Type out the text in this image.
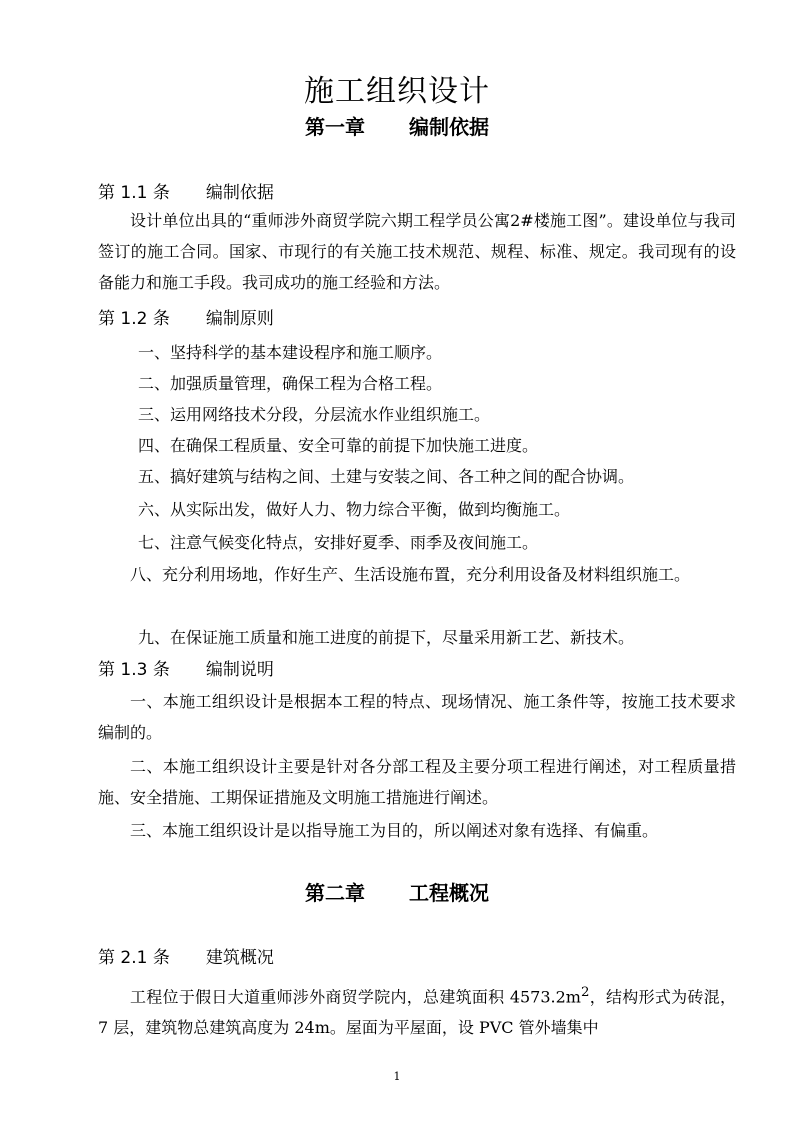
施工组织设计
第一章 编制依据
第 1.1 条 编制依据
设计单位出具的“重师涉外商贸学院六期工程学员公寓2#楼施工图”。建设单位与我司签订的施工合同。国家、市现行的有关施工技术规范、规程、标准、规定。我司现有的设备能力和施工手段。我司成功的施工经验和方法。
第 1.2 条 编制原则
一、坚持科学的基本建设程序和施工顺序。
二、加强质量管理，确保工程为合格工程。
三、运用网络技术分段，分层流水作业组织施工。
四、在确保工程质量、安全可靠的前提下加快施工进度。
五、搞好建筑与结构之间、土建与安装之间、各工种之间的配合协调。
六、从实际出发，做好人力、物力综合平衡，做到均衡施工。
七、注意气候变化特点，安排好夏季、雨季及夜间施工。
八、充分利用场地，作好生产、生活设施布置，充分利用设备及材料组织施工。
九、在保证施工质量和施工进度的前提下，尽量采用新工艺、新技术。
第 1.3 条 编制说明
一、本施工组织设计是根据本工程的特点、现场情况、施工条件等，按施工技术要求编制的。
二、本施工组织设计主要是针对各分部工程及主要分项工程进行阐述，对工程质量措施、安全措施、工期保证措施及文明施工措施进行阐述。
三、本施工组织设计是以指导施工为目的，所以阐述对象有选择、有偏重。
第二章 工程概况
第 2.1 条 建筑概况
工程位于假日大道重师涉外商贸学院内，总建筑面积 $4573.2m^2$，结构形式为砖混，7 层，建筑物总建筑高度为 24m。屋面为平屋面，设 PVC 管外墙集中
1
